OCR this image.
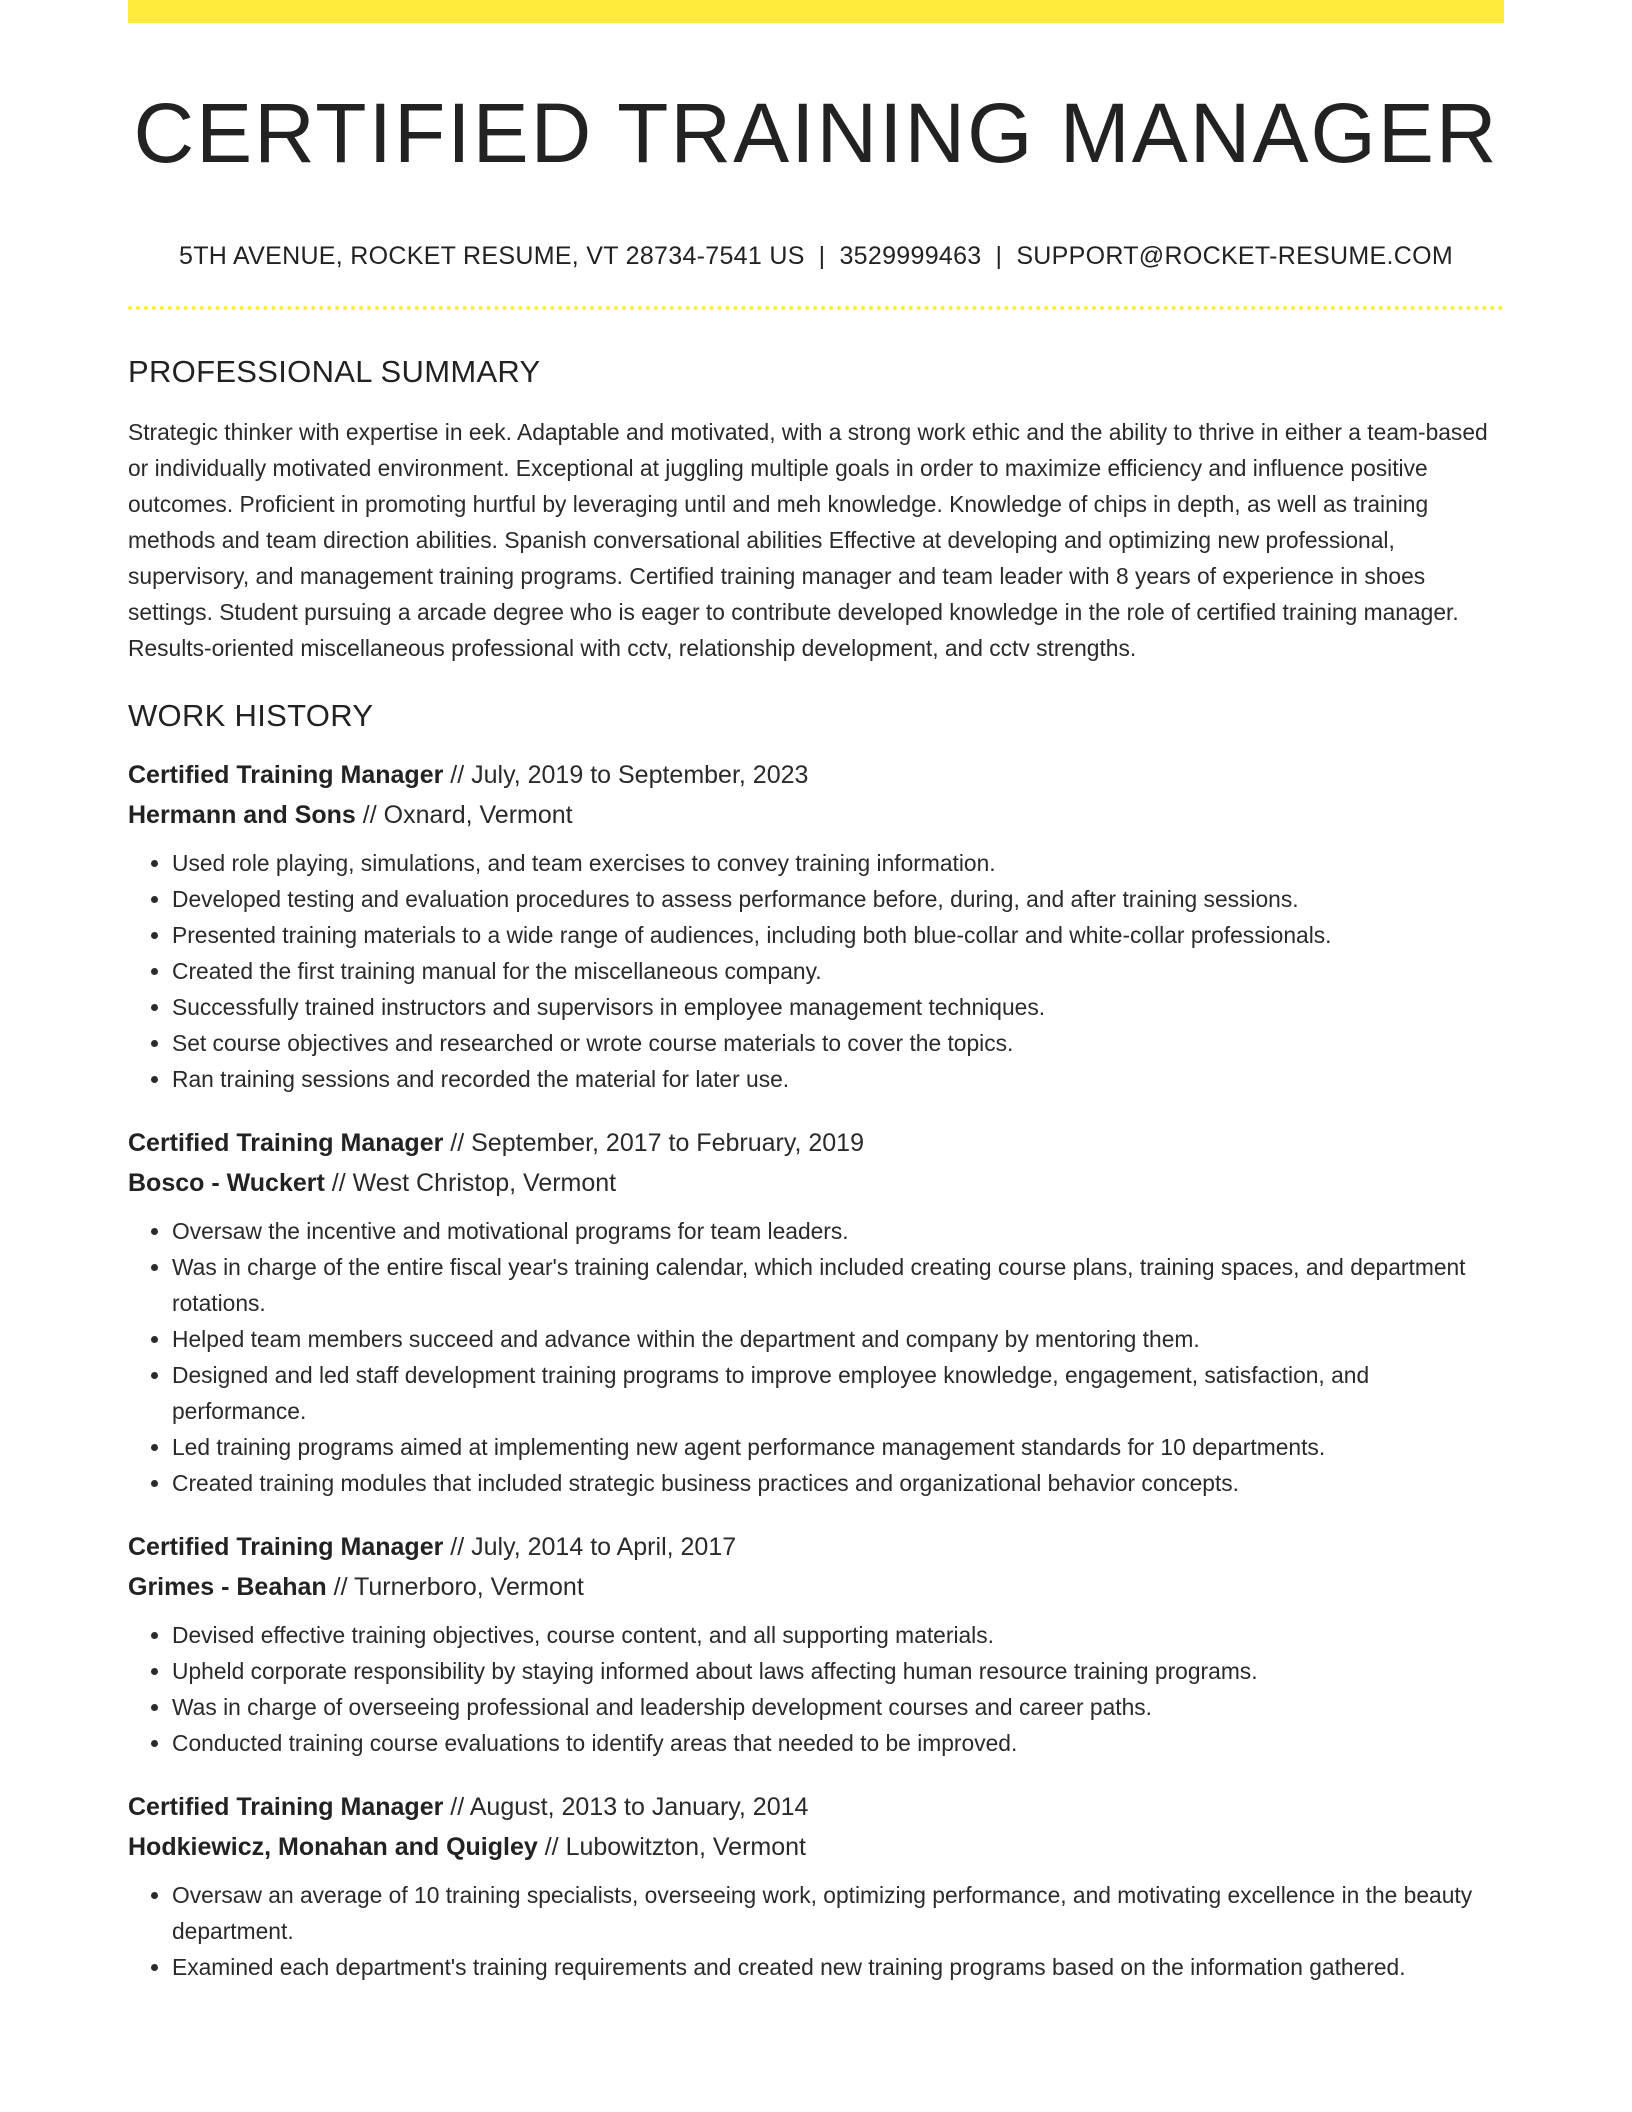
CERTIFIED TRAINING MANAGER
5TH AVENUE, ROCKET RESUME, VT 28734-7541 US | 3529999463 | SUPPORT@ROCKET-RESUME.COM
PROFESSIONAL SUMMARY

Strategic thinker with expertise in eek. Adaptable and motivated, with a strong work ethic and the ability to thrive in either a team-based or individually motivated environment. Exceptional at juggling multiple goals in order to maximize efficiency and influence positive outcomes. Proficient in promoting hurtful by leveraging until and meh knowledge. Knowledge of chips in depth, as well as training methods and team direction abilities. Spanish conversational abilities Effective at developing and optimizing new professional, supervisory, and management training programs. Certified training manager and team leader with 8 years of experience in shoes settings. Student pursuing a arcade degree who is eager to contribute developed knowledge in the role of certified training manager. Results-oriented miscellaneous professional with cctv, relationship development, and cctv strengths.

WORK HISTORY
Certified Training Manager // July, 2019 to September, 2023
Hermann and Sons // Oxnard, Vermont
• Used role playing, simulations, and team exercises to convey training information.
• Developed testing and evaluation procedures to assess performance before, during, and after training sessions.
• Presented training materials to a wide range of audiences, including both blue-collar and white-collar professionals.
• Created the first training manual for the miscellaneous company.
• Successfully trained instructors and supervisors in employee management techniques.
• Set course objectives and researched or wrote course materials to cover the topics.
• Ran training sessions and recorded the material for later use.
Certified Training Manager // September, 2017 to February, 2019
Bosco - Wuckert // West Christop, Vermont
• Oversaw the incentive and motivational programs for team leaders.
• Was in charge of the entire fiscal year's training calendar, which included creating course plans, training spaces, and department rotations.
• Helped team members succeed and advance within the department and company by mentoring them.
• Designed and led staff development training programs to improve employee knowledge, engagement, satisfaction, and performance.
• Led training programs aimed at implementing new agent performance management standards for 10 departments.
• Created training modules that included strategic business practices and organizational behavior concepts.
Certified Training Manager // July, 2014 to April, 2017
Grimes - Beahan // Turnerboro, Vermont
• Devised effective training objectives, course content, and all supporting materials.
• Upheld corporate responsibility by staying informed about laws affecting human resource training programs.
• Was in charge of overseeing professional and leadership development courses and career paths.
• Conducted training course evaluations to identify areas that needed to be improved.
Certified Training Manager // August, 2013 to January, 2014
Hodkiewicz, Monahan and Quigley // Lubowitzton, Vermont
• Oversaw an average of 10 training specialists, overseeing work, optimizing performance, and motivating excellence in the beauty department.
• Examined each department's training requirements and created new training programs based on the information gathered.
